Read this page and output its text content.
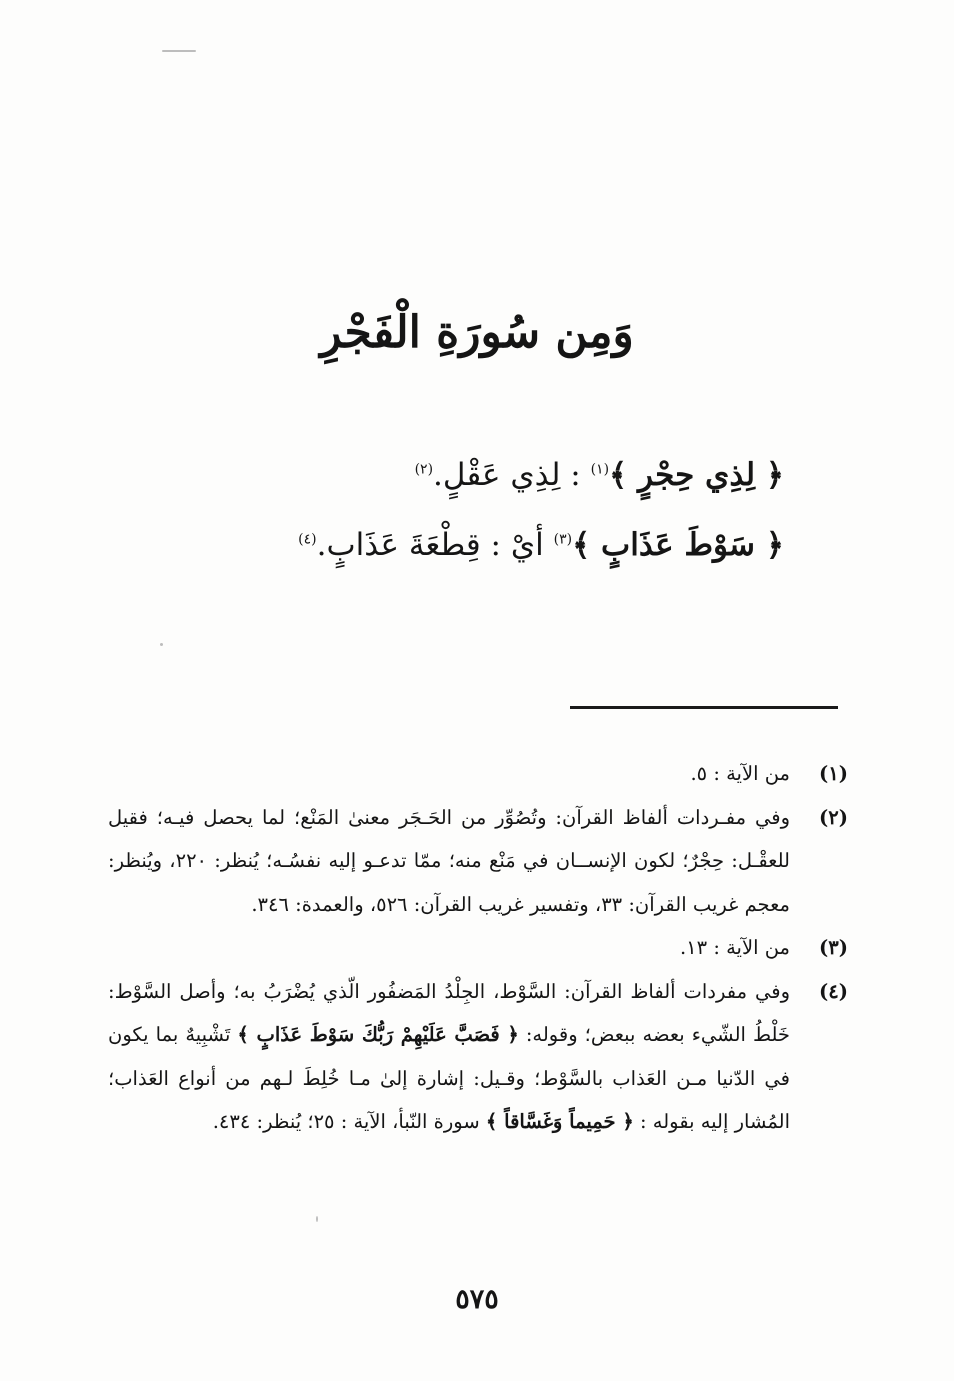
وَمِن سُورَةِ الْفَجْرِ
﴿ لِذِي حِجْرٍ ﴾$^{(١)}$ : لِذِي عَقْلٍ.$^{(٢)}$
﴿ سَوْطَ عَذَابٍ ﴾$^{(٣)}$ أيْ : قِطْعَةَ عَذَابٍ.$^{(٤)}$
(١)
من الآية : ٥.
(٢)
وفي مفـردات ألفاظ القرآن: وتُصُوِّر من الحَـجَر معنىٰ المَنْع؛ لما يحصل فيـه؛ فقيل للعقْـل: حِجْرٌ؛ لكون الإنســان في مَنْع منه؛ ممّا تدعـو إليه نفسُـه؛ يُنظر: ٢٢٠، ويُنظر: معجم غريب القرآن: ٣٣، وتفسير غريب القرآن: ٥٢٦، والعمدة: ٣٤٦.
(٣)
من الآية : ١٣.
(٤)
وفي مفردات ألفاظ القرآن: السَّوْط، الجِلْدُ المَضفُور الّذي يُضْرَبُ به؛ وأصل السَّوْط: خَلْطُ الشّيء بعضه ببعض؛ وقوله: ﴿ فَصَبَّ عَلَيْهِمْ رَبُّكَ سَوْطَ عَذَابٍ ﴾ تَشْبِيهٌ بما يكون في الدّنيا مـن العَذاب بالسَّوْط؛ وقـيل: إشارة إلىٰ مـا خُلِطَ لـهم من أنواع العَذاب؛ المُشار إليه بقوله : ﴿ حَمِيماً وَغَسَّاقاً ﴾ سورة النّبأ، الآية : ٢٥؛ يُنظر: ٤٣٤.
٥٧٥
